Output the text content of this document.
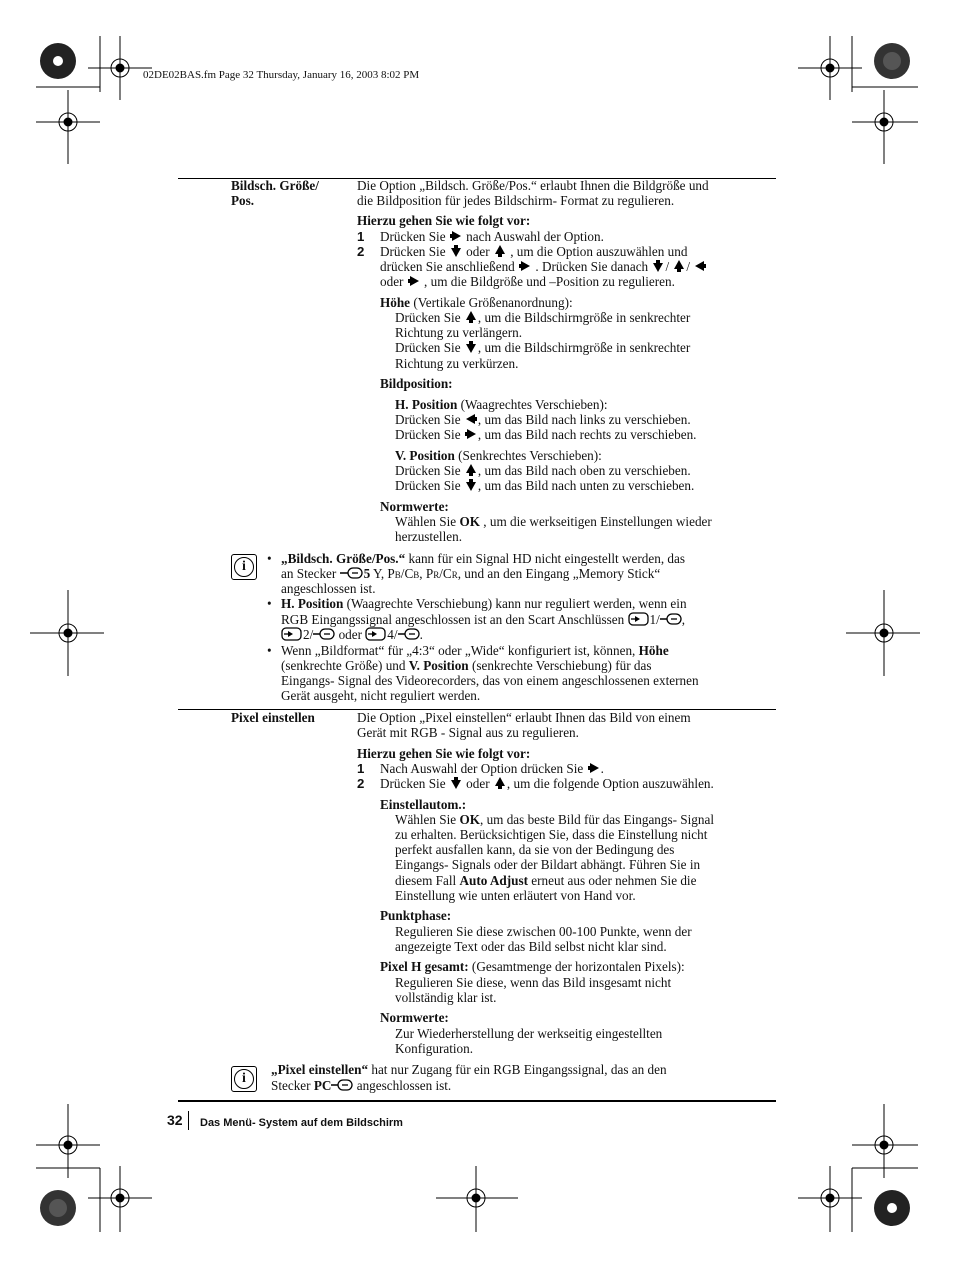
02DE02BAS.fm Page 32 Thursday, January 16, 2003 8:02 PM
Bildsch. Größe/
Pos.
Die Option „Bildsch. Größe/Pos.“ erlaubt Ihnen die Bildgröße und
die Bildposition für jedes Bildschirm- Format zu regulieren.
Hierzu gehen Sie wie folgt vor:
1 Drücken Sie nach Auswahl der Option.
2 Drücken Sie oder , um die Option auszuwählen und
drücken Sie anschließend . Drücken Sie danach / /
oder , um die Bildgröße und –Position zu regulieren.
Höhe (Vertikale Größenanordnung):
Drücken Sie , um die Bildschirmgröße in senkrechter
Richtung zu verlängern.
Drücken Sie , um die Bildschirmgröße in senkrechter
Richtung zu verkürzen.
Bildposition:
H. Position (Waagrechtes Verschieben):
Drücken Sie , um das Bild nach links zu verschieben.
Drücken Sie , um das Bild nach rechts zu verschieben.
V. Position (Senkrechtes Verschieben):
Drücken Sie , um das Bild nach oben zu verschieben.
Drücken Sie , um das Bild nach unten zu verschieben.
Normwerte:
Wählen Sie OK , um die werkseitigen Einstellungen wieder
herzustellen.
i
• „Bildsch. Größe/Pos.“ kann für ein Signal HD nicht eingestellt werden, das
an Stecker 5 Y, PB/CB, PR/CR, und an den Eingang „Memory Stick“
angeschlossen ist.
• H. Position (Waagrechte Verschiebung) kann nur reguliert werden, wenn ein
RGB Eingangssignal angeschlossen ist an den Scart Anschlüssen 1/ ,
2/ oder 4/ .
• Wenn „Bildformat“ für „4:3“ oder „Wide“ konfiguriert ist, können, Höhe
(senkrechte Größe) und V. Position (senkrechte Verschiebung) für das
Eingangs- Signal des Videorecorders, das von einem angeschlossenen externen
Gerät ausgeht, nicht reguliert werden.
Pixel einstellen	Die Option „Pixel einstellen“ erlaubt Ihnen das Bild von einem
Gerät mit RGB - Signal aus zu regulieren.
Hierzu gehen Sie wie folgt vor:
1 Nach Auswahl der Option drücken Sie .
2 Drücken Sie oder , um die folgende Option auszuwählen.
Einstellautom.:
Wählen Sie OK, um das beste Bild für das Eingangs- Signal
zu erhalten. Berücksichtigen Sie, dass die Einstellung nicht
perfekt ausfallen kann, da sie von der Bedingung des
Eingangs- Signals oder der Bildart abhängt. Führen Sie in
diesem Fall Auto Adjust erneut aus oder nehmen Sie die
Einstellung wie unten erläutert von Hand vor.
Punktphase:
Regulieren Sie diese zwischen 00-100 Punkte, wenn der
angezeigte Text oder das Bild selbst nicht klar sind.
Pixel H gesamt: (Gesamtmenge der horizontalen Pixels):
Regulieren Sie diese, wenn das Bild insgesamt nicht
vollständig klar ist.
Normwerte:
Zur Wiederherstellung der werkseitig eingestellten
Konfiguration.
i
„Pixel einstellen“ hat nur Zugang für ein RGB Eingangssignal, das an den
Stecker PC angeschlossen ist.
32 Das Menü- System auf dem Bildschirm
